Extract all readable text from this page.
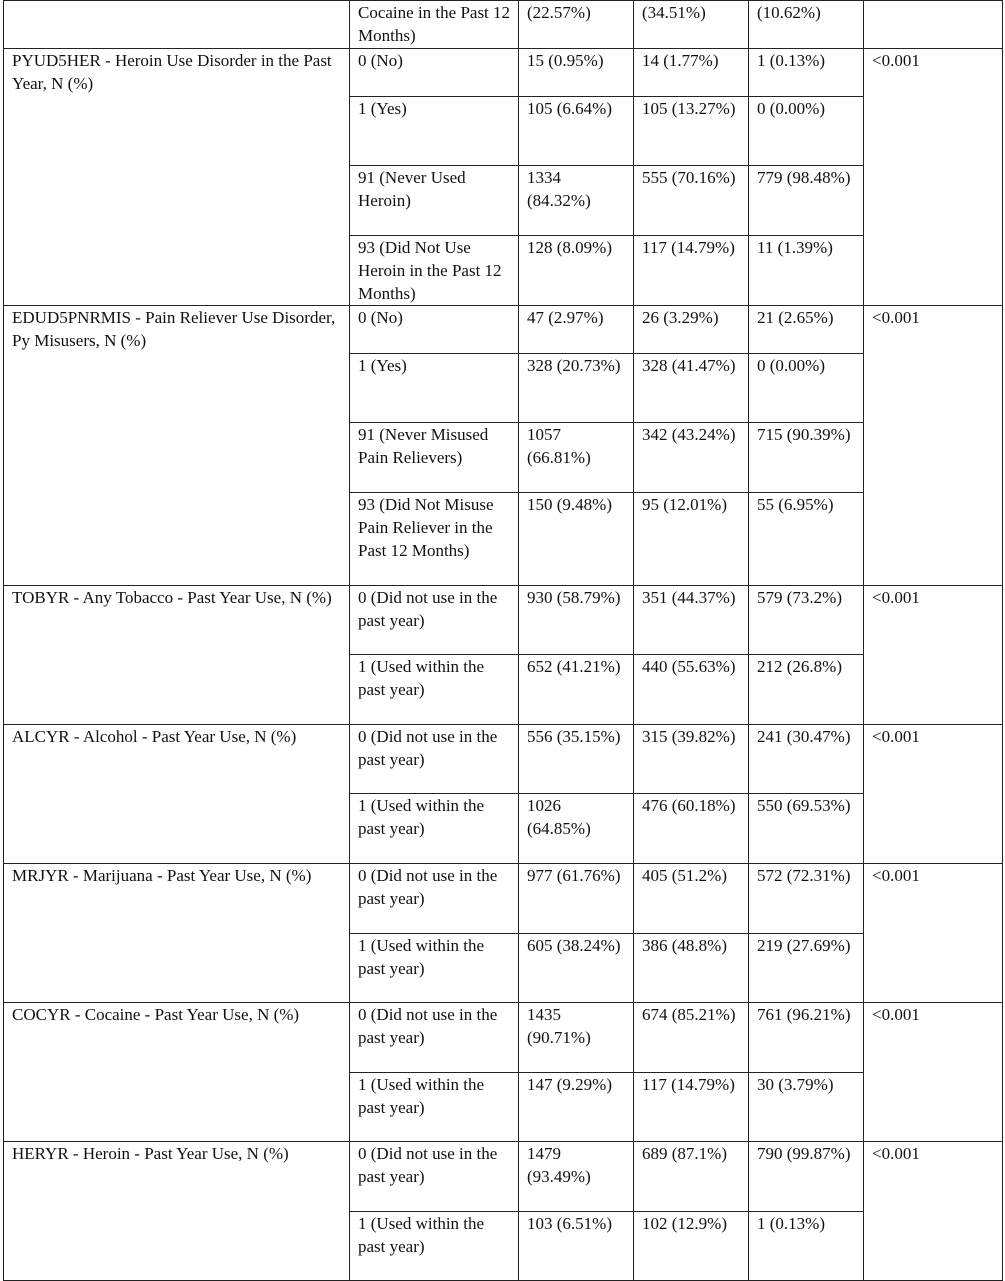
	Cocaine in the Past 12 Months)	(22.57%)	(34.51%)	(10.62%)	
PYUD5HER - Heroin Use Disorder in the Past Year, N (%)	0 (No)	15 (0.95%)	14 (1.77%)	1 (0.13%)	<0.001
	1 (Yes)	105 (6.64%)	105 (13.27%)	0 (0.00%)	
	91 (Never Used Heroin)	1334 (84.32%)	555 (70.16%)	779 (98.48%)	
	93 (Did Not Use Heroin in the Past 12 Months)	128 (8.09%)	117 (14.79%)	11 (1.39%)	
EDUD5PNRMIS - Pain Reliever Use Disorder, Py Misusers, N (%)	0 (No)	47 (2.97%)	26 (3.29%)	21 (2.65%)	<0.001
	1 (Yes)	328 (20.73%)	328 (41.47%)	0 (0.00%)	
	91 (Never Misused Pain Relievers)	1057 (66.81%)	342 (43.24%)	715 (90.39%)	
	93 (Did Not Misuse Pain Reliever in the Past 12 Months)	150 (9.48%)	95 (12.01%)	55 (6.95%)	
TOBYR - Any Tobacco - Past Year Use, N (%)	0 (Did not use in the past year)	930 (58.79%)	351 (44.37%)	579 (73.2%)	<0.001
	1 (Used within the past year)	652 (41.21%)	440 (55.63%)	212 (26.8%)	
ALCYR - Alcohol - Past Year Use, N (%)	0 (Did not use in the past year)	556 (35.15%)	315 (39.82%)	241 (30.47%)	<0.001
	1 (Used within the past year)	1026 (64.85%)	476 (60.18%)	550 (69.53%)	
MRJYR - Marijuana - Past Year Use, N (%)	0 (Did not use in the past year)	977 (61.76%)	405 (51.2%)	572 (72.31%)	<0.001
	1 (Used within the past year)	605 (38.24%)	386 (48.8%)	219 (27.69%)	
COCYR - Cocaine - Past Year Use, N (%)	0 (Did not use in the past year)	1435 (90.71%)	674 (85.21%)	761 (96.21%)	<0.001
	1 (Used within the past year)	147 (9.29%)	117 (14.79%)	30 (3.79%)	
HERYR - Heroin - Past Year Use, N (%)	0 (Did not use in the past year)	1479 (93.49%)	689 (87.1%)	790 (99.87%)	<0.001
	1 (Used within the past year)	103 (6.51%)	102 (12.9%)	1 (0.13%)	
